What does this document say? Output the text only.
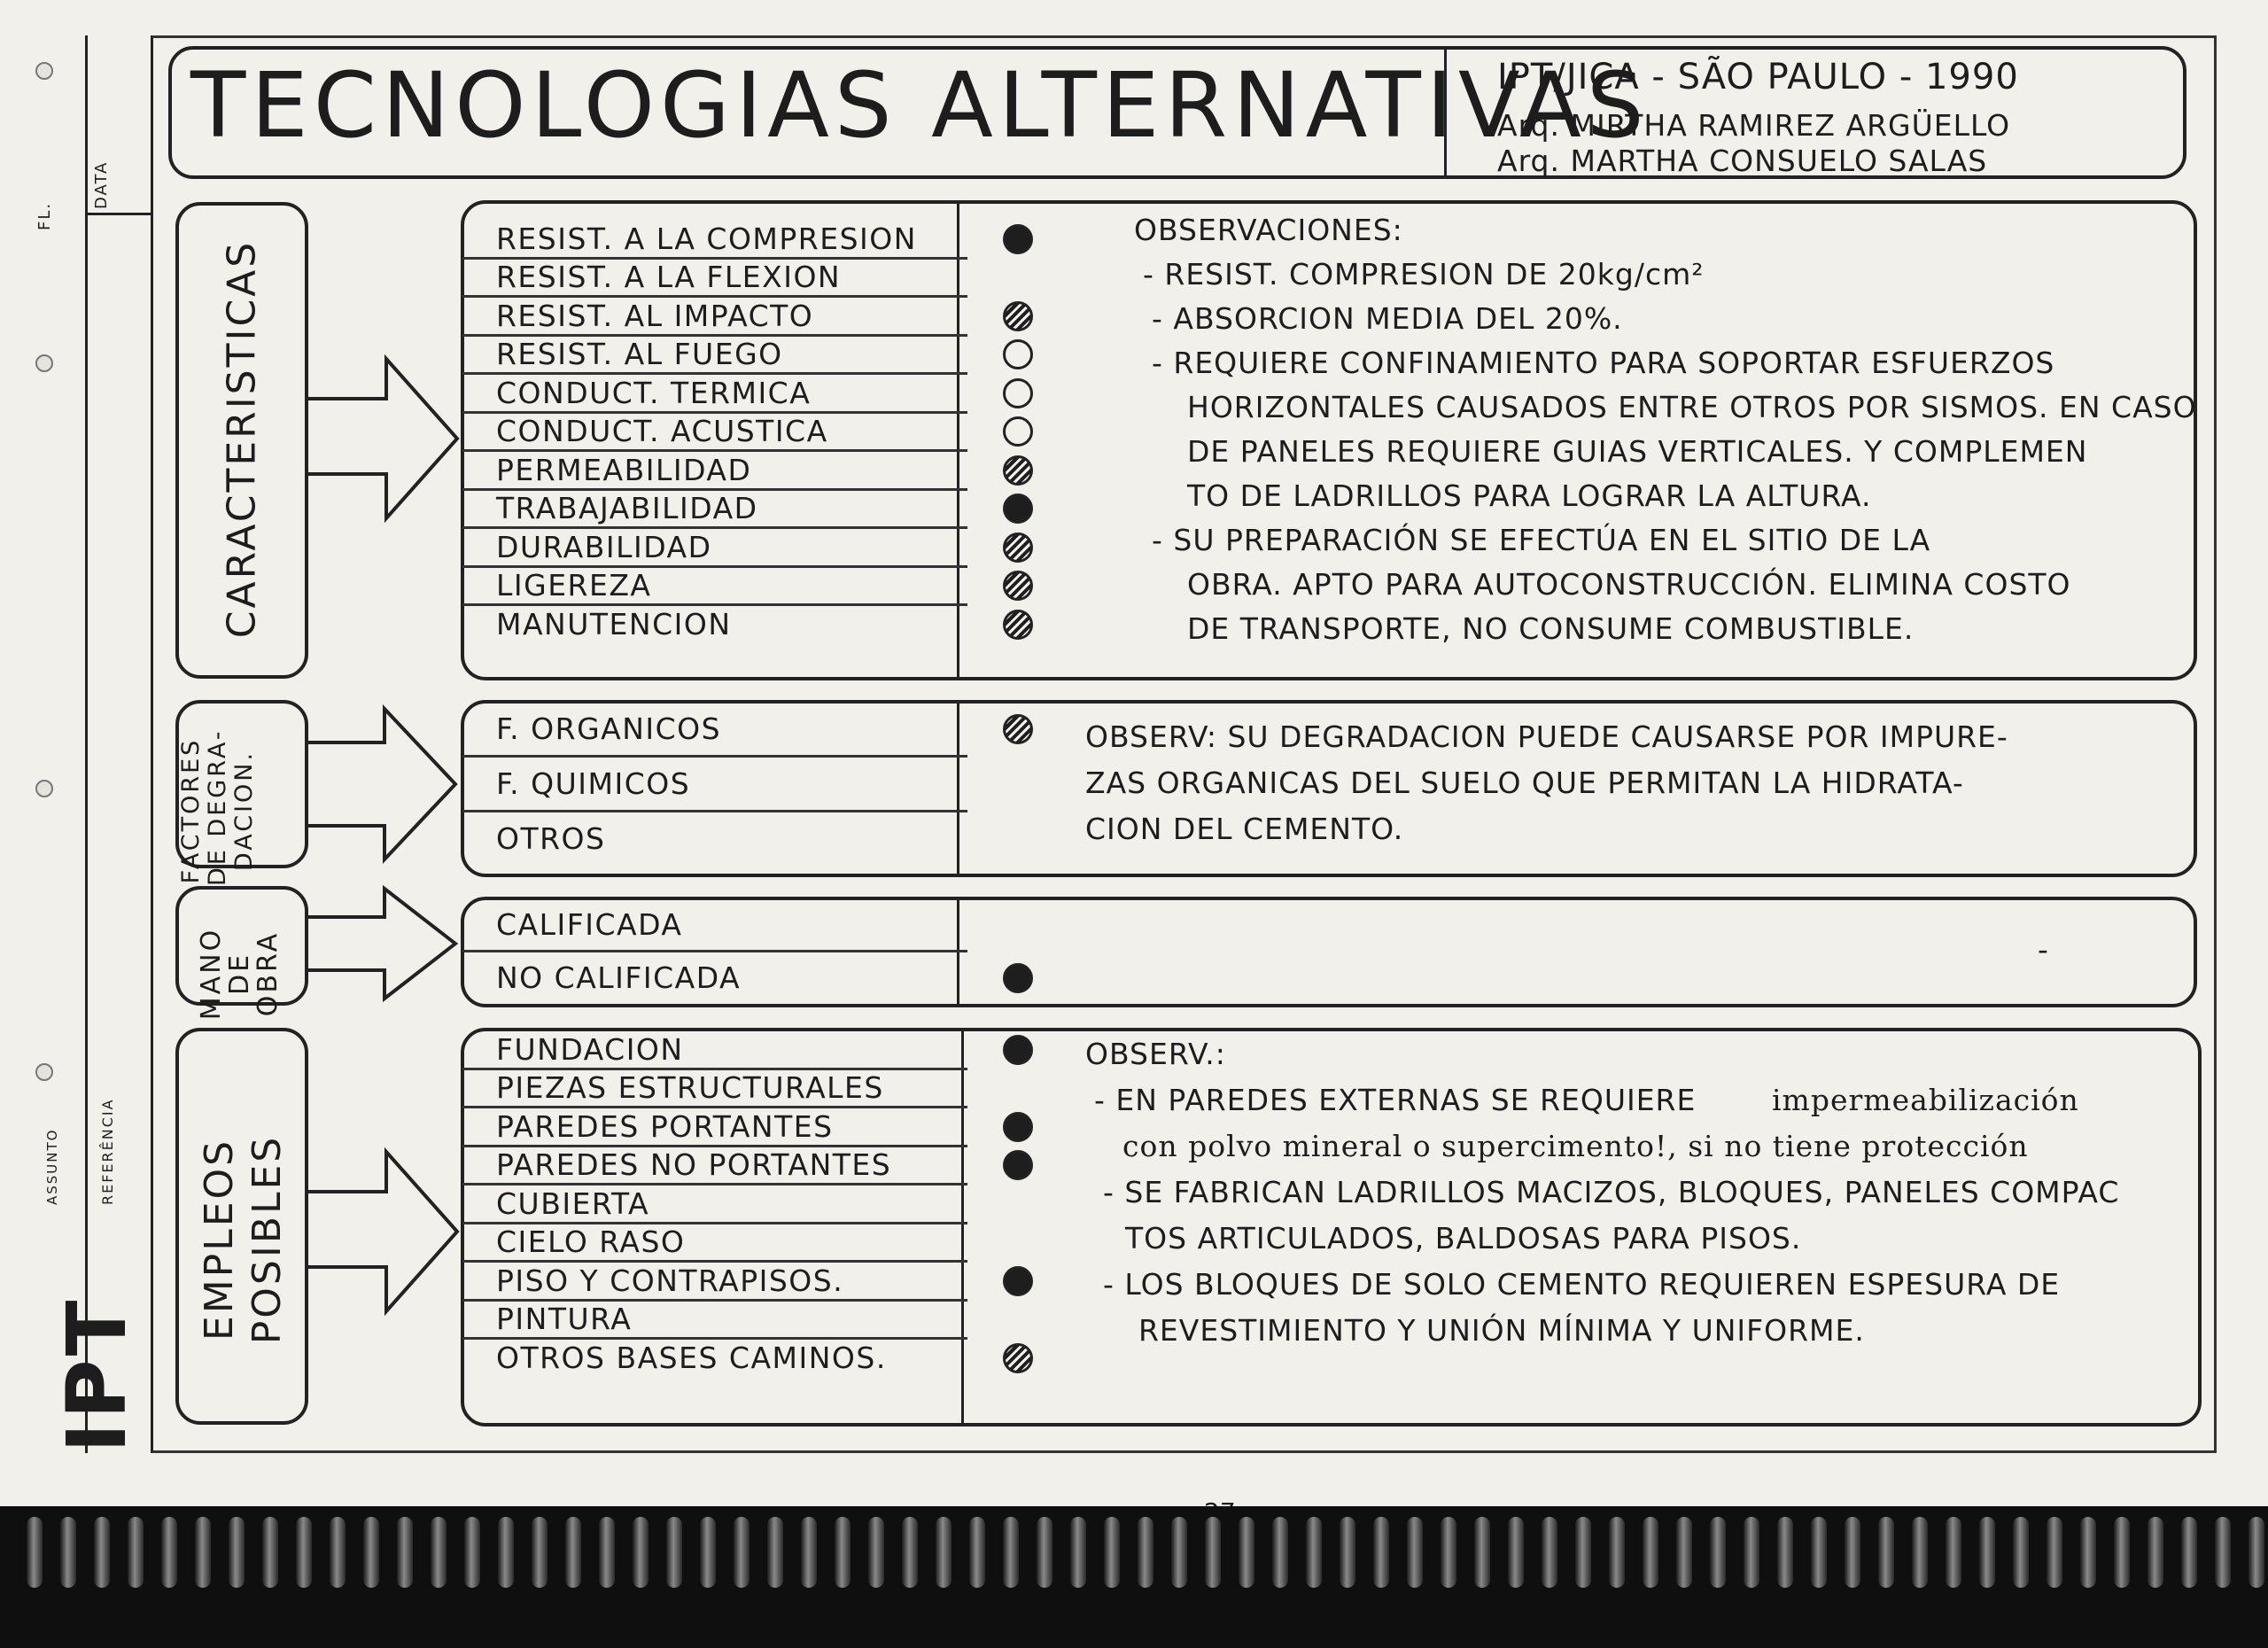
FL.
DATA
ASSUNTO	REFERÊNCIA
IPT
TECNOLOGIAS ALTERNATIVAS
IPT/JICA - SÃO PAULO - 1990
Arq. MIRTHA RAMIREZ ARGÜELLO
Arq. MARTHA CONSUELO SALAS
CARACTERISTICAS
RESIST. A LA COMPRESION
RESIST. A LA FLEXION
RESIST. AL IMPACTO
RESIST. AL FUEGO
CONDUCT. TERMICA
CONDUCT. ACUSTICA
PERMEABILIDAD
TRABAJABILIDAD
DURABILIDAD
LIGEREZA
MANUTENCION
OBSERVACIONES:
- RESIST. COMPRESION DE 20kg/cm²
- ABSORCION MEDIA DEL 20%.
- REQUIERE CONFINAMIENTO PARA SOPORTAR ESFUERZOS
HORIZONTALES CAUSADOS ENTRE OTROS POR SISMOS. EN CASO
DE PANELES REQUIERE GUIAS VERTICALES. Y COMPLEMEN
TO DE LADRILLOS PARA LOGRAR LA ALTURA.
- SU PREPARACIÓN SE EFECTÚA EN EL SITIO DE LA
OBRA. APTO PARA AUTOCONSTRUCCIÓN. ELIMINA COSTO
DE TRANSPORTE, NO CONSUME COMBUSTIBLE.
FACTORES DE DEGRA- DACION.
F. ORGANICOS
F. QUIMICOS
OTROS
OBSERV: SU DEGRADACION PUEDE CAUSARSE POR IMPURE-
ZAS ORGANICAS DEL SUELO QUE PERMITAN LA HIDRATA-
CION DEL CEMENTO.
MANO
DE
OBRA
CALIFICADA
NO CALIFICADA
-
EMPLEOS POSIBLES
FUNDACION
PIEZAS ESTRUCTURALES
PAREDES PORTANTES
PAREDES NO PORTANTES
CUBIERTA
CIELO RASO
PISO Y CONTRAPISOS.
PINTURA
OTROS BASES CAMINOS.
OBSERV.:
- EN PAREDES EXTERNAS SE REQUIERE
con polvo mineral o supercimento!, si no tiene protección
- SE FABRICAN LADRILLOS MACIZOS, BLOQUES, PANELES COMPAC
TOS ARTICULADOS, BALDOSAS PARA PISOS.
- LOS BLOQUES DE SOLO CEMENTO REQUIEREN ESPESURA DE
REVESTIMIENTO Y UNIÓN MÍNIMA Y UNIFORME.
impermeabilización
